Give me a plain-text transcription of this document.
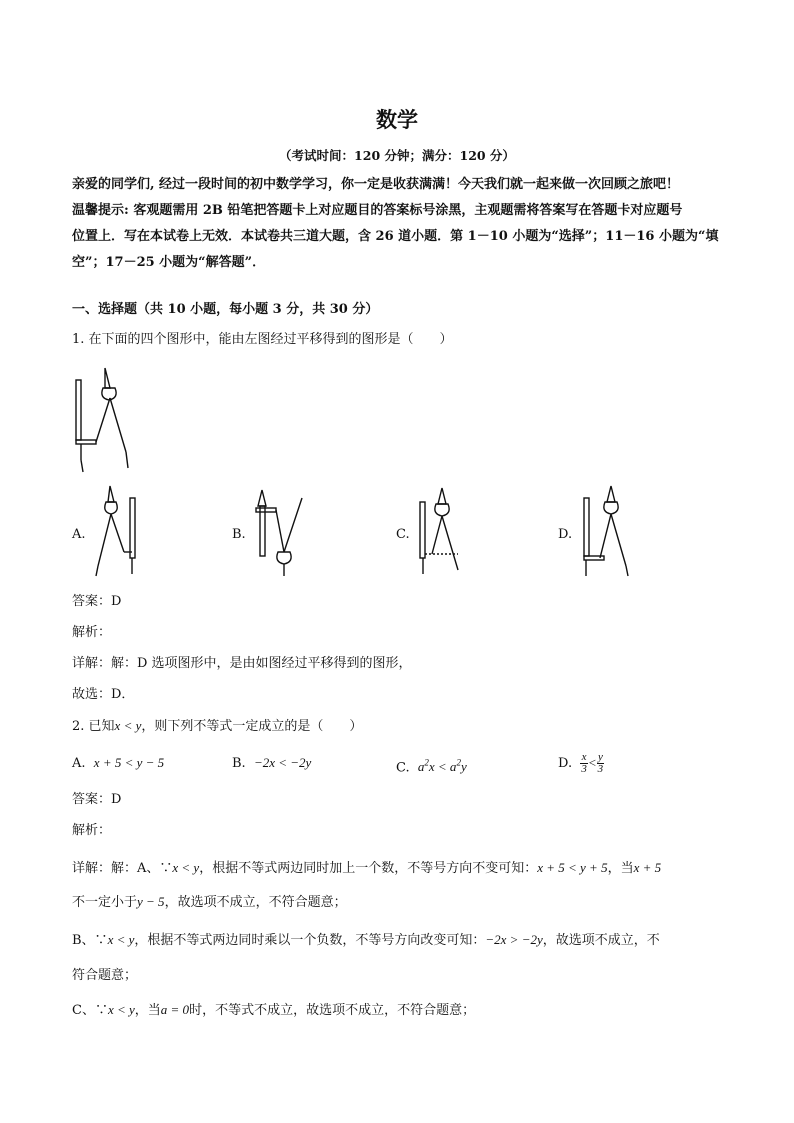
数学
（考试时间：120 分钟；满分：120 分）
亲爱的同学们, 经过一段时间的初中数学学习，你一定是收获满满！今天我们就一起来做一次回顾之旅吧！
温馨提示: 客观题需用 2B 铅笔把答题卡上对应题目的答案标号涂黑，主观题需将答案写在答题卡对应题号
位置上．写在本试卷上无效．本试卷共三道大题，含 26 道小题．第 1－10 小题为“选择”；11－16 小题为“填
空”；17－25 小题为“解答题”．
一、选择题（共 10 小题，每小题 3 分，共 30 分）
1. 在下面的四个图形中，能由左图经过平移得到的图形是（　　）
A.	B.	C.	D.
答案：D
解析：
详解：解：D 选项图形中，是由如图经过平移得到的图形，
故选：D．
2. 已知x < y，则下列不等式一定成立的是（　　）
A. x + 5 < y − 5	B. −2x < −2y	C. $a^2x < a^2y$	D. $\frac{x}{3} < \frac{y}{3}$
答案：D
解析：
详解：解：A、∵x < y，根据不等式两边同时加上一个数，不等号方向不变可知：x + 5 < y + 5，当x + 5
不一定小于y − 5，故选项不成立，不符合题意；
B、∵x < y，根据不等式两边同时乘以一个负数，不等号方向改变可知：−2x > −2y，故选项不成立，不
符合题意；
C、∵x < y，当a = 0时，不等式不成立，故选项不成立，不符合题意；
